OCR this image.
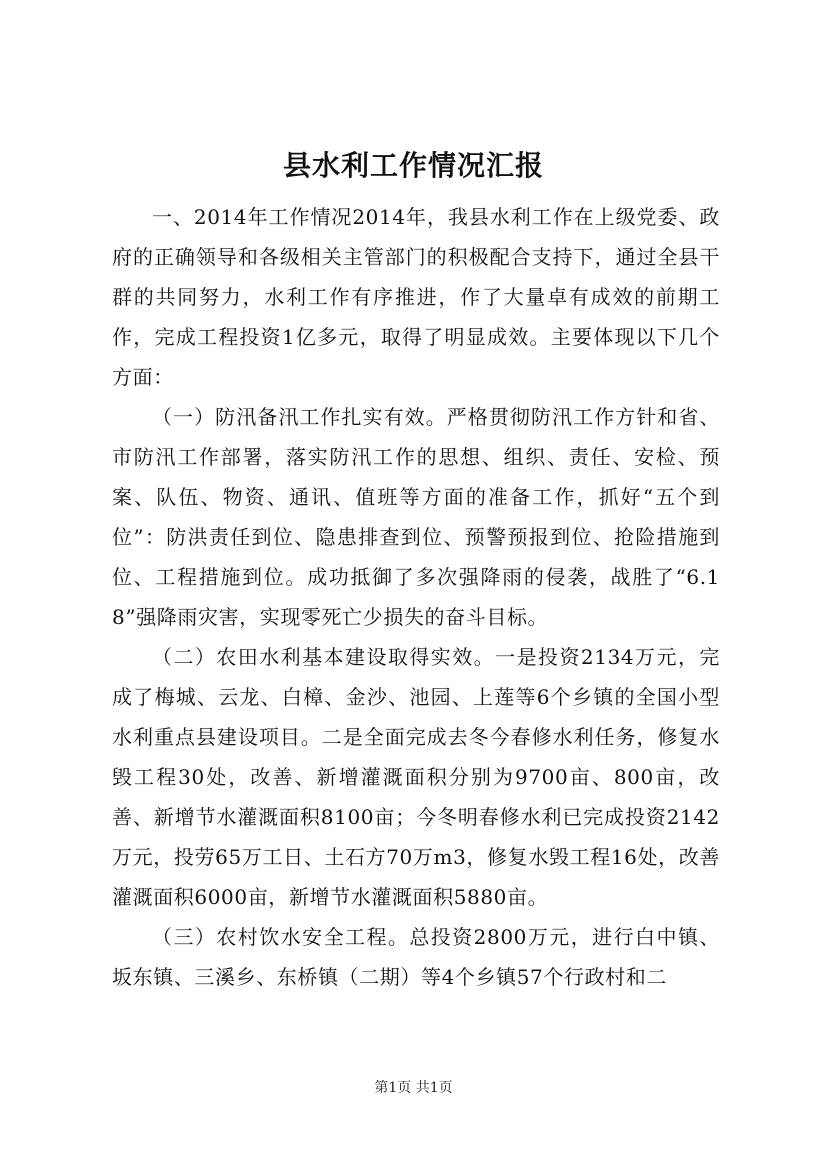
县水利工作情况汇报

一、2014年工作情况2014年，我县水利工作在上级党委、政府的正确领导和各级相关主管部门的积极配合支持下，通过全县干群的共同努力，水利工作有序推进，作了大量卓有成效的前期工作，完成工程投资1亿多元，取得了明显成效。主要体现以下几个方面：

（一）防汛备汛工作扎实有效。严格贯彻防汛工作方针和省、市防汛工作部署，落实防汛工作的思想、组织、责任、安检、预案、队伍、物资、通讯、值班等方面的准备工作，抓好“五个到位”：防洪责任到位、隐患排查到位、预警预报到位、抢险措施到位、工程措施到位。成功抵御了多次强降雨的侵袭，战胜了“6.18”强降雨灾害，实现零死亡少损失的奋斗目标。

（二）农田水利基本建设取得实效。一是投资2134万元，完成了梅城、云龙、白樟、金沙、池园、上莲等6个乡镇的全国小型水利重点县建设项目。二是全面完成去冬今春修水利任务，修复水毁工程30处，改善、新增灌溉面积分别为9700亩、800亩，改善、新增节水灌溉面积8100亩；今冬明春修水利已完成投资2142万元，投劳65万工日、土石方70万m3，修复水毁工程16处，改善灌溉面积6000亩，新增节水灌溉面积5880亩。

（三）农村饮水安全工程。总投资2800万元，进行白中镇、坂东镇、三溪乡、东桥镇（二期）等4个乡镇57个行政村和二

第1页 共1页
